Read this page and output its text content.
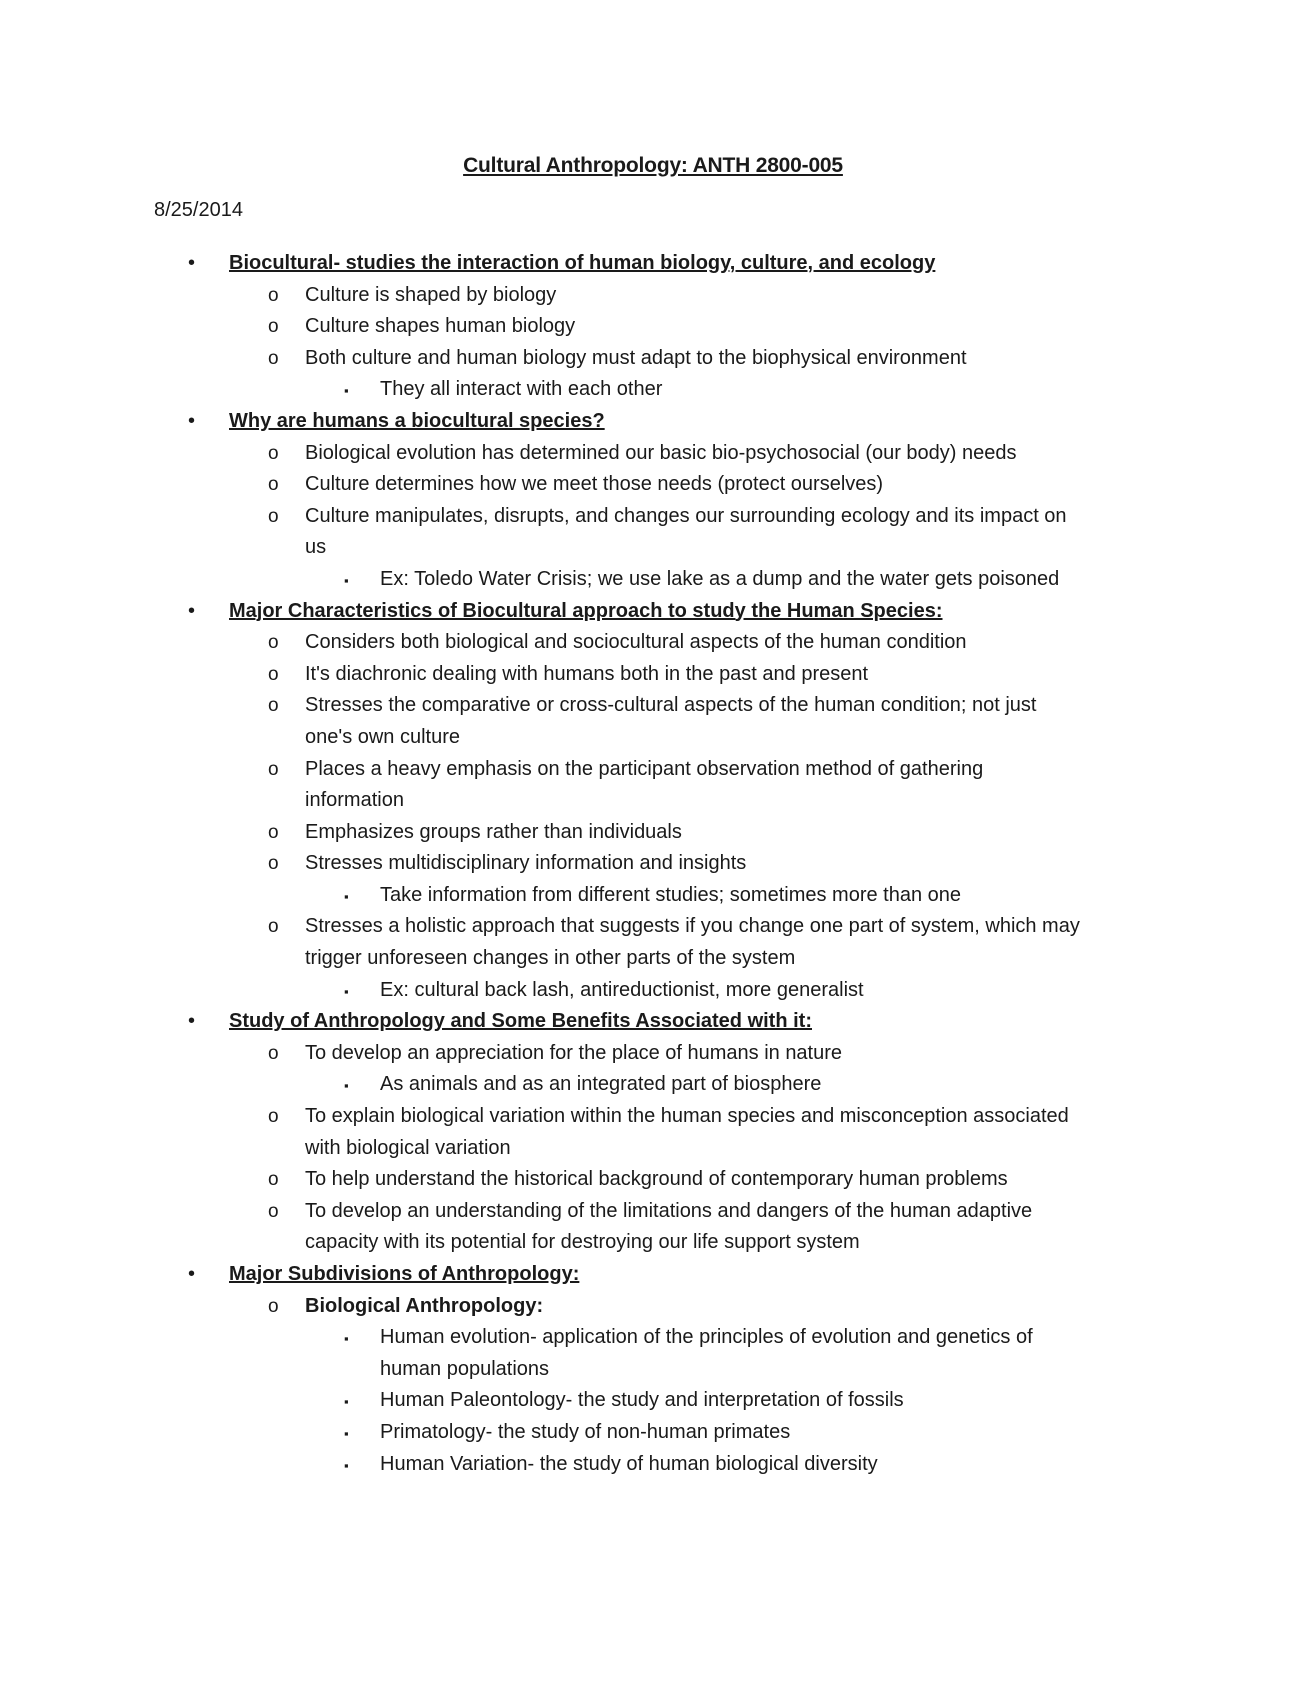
Cultural Anthropology: ANTH 2800-005
8/25/2014
• Biocultural- studies the interaction of human biology, culture, and ecology
o Culture is shaped by biology
o Culture shapes human biology
o Both culture and human biology must adapt to the biophysical environment
▪ They all interact with each other
• Why are humans a biocultural species?
o Biological evolution has determined our basic bio-psychosocial (our body) needs
o Culture determines how we meet those needs (protect ourselves)
o Culture manipulates, disrupts, and changes our surrounding ecology and its impact on
us
▪ Ex: Toledo Water Crisis; we use lake as a dump and the water gets poisoned
• Major Characteristics of Biocultural approach to study the Human Species:
o Considers both biological and sociocultural aspects of the human condition
o It's diachronic dealing with humans both in the past and present
o Stresses the comparative or cross-cultural aspects of the human condition; not just
one's own culture
o Places a heavy emphasis on the participant observation method of gathering
information
o Emphasizes groups rather than individuals
o Stresses multidisciplinary information and insights
▪ Take information from different studies; sometimes more than one
o Stresses a holistic approach that suggests if you change one part of system, which may
trigger unforeseen changes in other parts of the system
▪ Ex: cultural back lash, antireductionist, more generalist
• Study of Anthropology and Some Benefits Associated with it:
o To develop an appreciation for the place of humans in nature
▪ As animals and as an integrated part of biosphere
o To explain biological variation within the human species and misconception associated
with biological variation
o To help understand the historical background of contemporary human problems
o To develop an understanding of the limitations and dangers of the human adaptive
capacity with its potential for destroying our life support system
• Major Subdivisions of Anthropology:
o Biological Anthropology:
▪ Human evolution- application of the principles of evolution and genetics of
human populations
▪ Human Paleontology- the study and interpretation of fossils
▪ Primatology- the study of non-human primates
▪ Human Variation- the study of human biological diversity
